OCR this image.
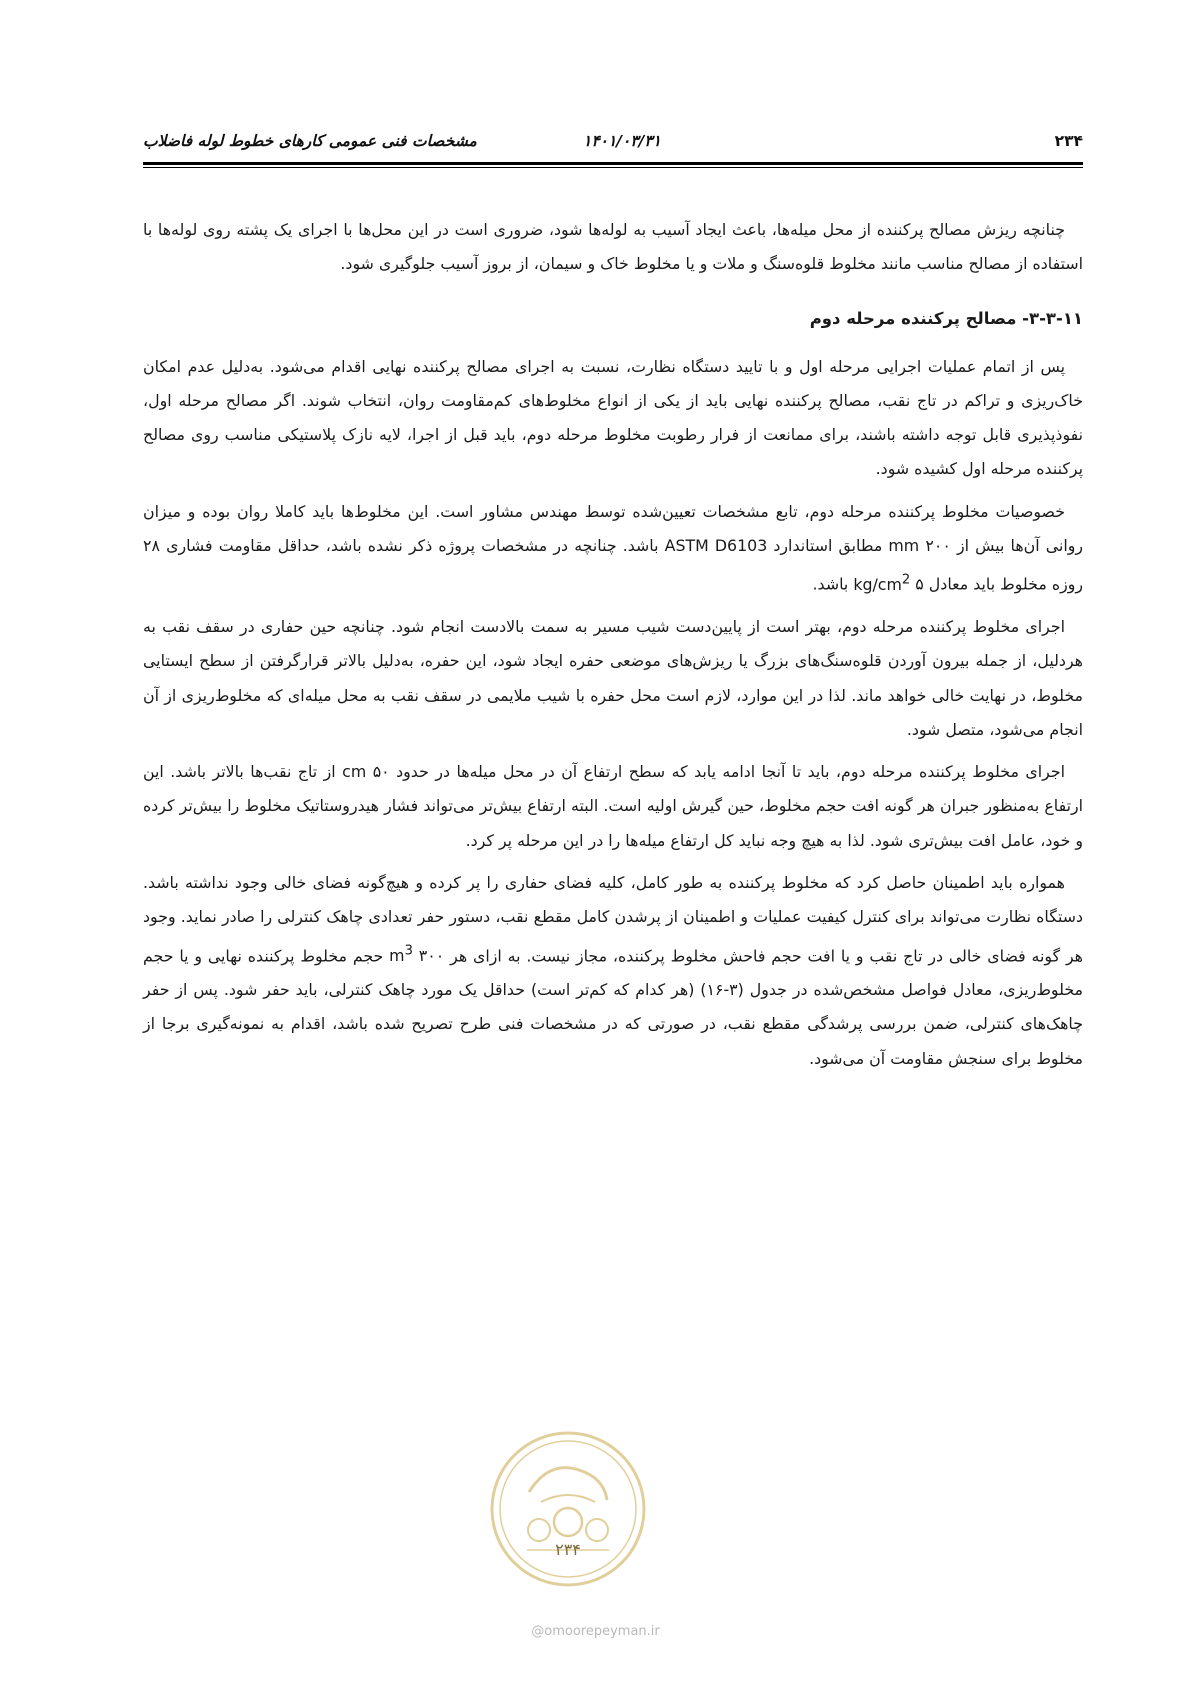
۲۳۴
۱۴۰۱/۰۳/۳۱
مشخصات فنی عمومی کارهای خطوط لوله فاضلاب

چنانچه ریزش مصالح پرکننده از محل میله‌ها، باعث ایجاد آسیب به لوله‌ها شود، ضروری است در این محل‌ها با اجرای یک پشته روی لوله‌ها با استفاده از مصالح مناسب مانند مخلوط قلوه‌سنگ و ملات و یا مخلوط خاک و سیمان، از بروز آسیب جلوگیری شود.

۳-۳-۱۱- مصالح پرکننده مرحله دوم

پس از اتمام عملیات اجرایی مرحله اول و با تایید دستگاه نظارت، نسبت به اجرای مصالح پرکننده نهایی اقدام می‌شود. به‌دلیل عدم امکان خاک‌ریزی و تراکم در تاج نقب، مصالح پرکننده نهایی باید از یکی از انواع مخلوط‌های کم‌مقاومت روان، انتخاب شوند. اگر مصالح مرحله اول، نفوذپذیری قابل توجه داشته باشند، برای ممانعت از فرار رطوبت مخلوط مرحله دوم، باید قبل از اجرا، لایه نازک پلاستیکی مناسب روی مصالح پرکننده مرحله اول کشیده شود.

خصوصیات مخلوط پرکننده مرحله دوم، تابع مشخصات تعیین‌شده توسط مهندس مشاور است. این مخلوط‌ها باید کاملا روان بوده و میزان روانی آن‌ها بیش از ۲۰۰ mm مطابق استاندارد ASTM D6103 باشد. چنانچه در مشخصات پروژه ذکر نشده باشد، حداقل مقاومت فشاری ۲۸ روزه مخلوط باید معادل $kg/cm^2$ ۵ باشد.

اجرای مخلوط پرکننده مرحله دوم، بهتر است از پایین‌دست شیب مسیر به سمت بالادست انجام شود. چنانچه حین حفاری در سقف نقب به هردلیل، از جمله بیرون آوردن قلوه‌سنگ‌های بزرگ یا ریزش‌های موضعی حفره ایجاد شود، این حفره، به‌دلیل بالاتر قرارگرفتن از سطح ایستایی مخلوط، در نهایت خالی خواهد ماند. لذا در این موارد، لازم است محل حفره با شیب ملایمی در سقف نقب به محل میله‌ای که مخلوط‌ریزی از آن انجام می‌شود، متصل شود.

اجرای مخلوط پرکننده مرحله دوم، باید تا آنجا ادامه یابد که سطح ارتفاع آن در محل میله‌ها در حدود cm ۵۰ از تاج نقب‌ها بالاتر باشد. این ارتفاع به‌منظور جبران هر گونه افت حجم مخلوط، حین گیرش اولیه است. البته ارتفاع بیش‌تر می‌تواند فشار هیدروستاتیک مخلوط را بیش‌تر کرده و خود، عامل افت بیش‌تری شود. لذا به هیچ وجه نباید کل ارتفاع میله‌ها را در این مرحله پر کرد.

همواره باید اطمینان حاصل کرد که مخلوط پرکننده به طور کامل، کلیه فضای حفاری را پر کرده و هیچ‌گونه فضای خالی وجود نداشته باشد. دستگاه نظارت می‌تواند برای کنترل کیفیت عملیات و اطمینان از پرشدن کامل مقطع نقب، دستور حفر تعدادی چاهک کنترلی را صادر نماید. وجود هر گونه فضای خالی در تاج نقب و یا افت حجم فاحش مخلوط پرکننده، مجاز نیست. به ازای هر ۳۰۰ $m^3$ حجم مخلوط پرکننده نهایی و یا حجم مخلوط‌ریزی، معادل فواصل مشخص‌شده در جدول (۳-۱۶) (هر کدام که کم‌تر است) حداقل یک مورد چاهک کنترلی، باید حفر شود. پس از حفر چاهک‌های کنترلی، ضمن بررسی پرشدگی مقطع نقب، در صورتی که در مشخصات فنی طرح تصریح شده باشد، اقدام به نمونه‌گیری برجا از مخلوط برای سنجش مقاومت آن می‌شود.

۲۳۴
@omoorepeyman.ir
